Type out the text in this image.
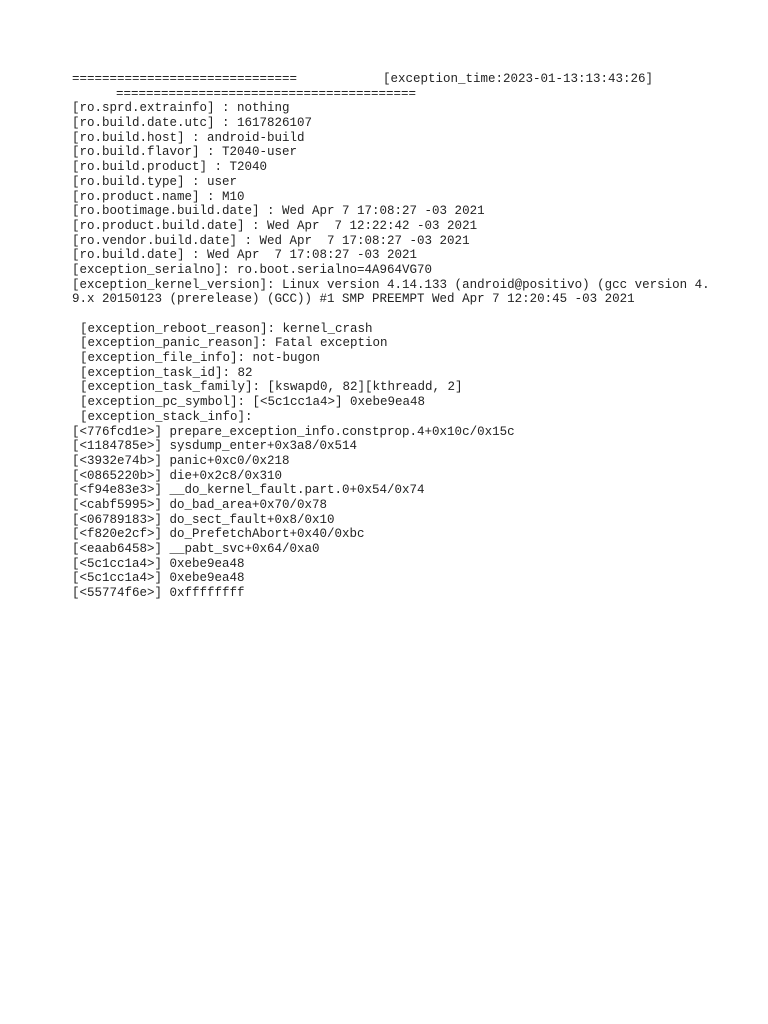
==============================	[exception_time:2023-01-13:13:43:26]
========================================
[ro.sprd.extrainfo] : nothing
[ro.build.date.utc] : 1617826107
[ro.build.host] : android-build
[ro.build.flavor] : T2040-user
[ro.build.product] : T2040
[ro.build.type] : user
[ro.product.name] : M10
[ro.bootimage.build.date] : Wed Apr 7 17:08:27 -03 2021
[ro.product.build.date] : Wed Apr  7 12:22:42 -03 2021
[ro.vendor.build.date] : Wed Apr  7 17:08:27 -03 2021
[ro.build.date] : Wed Apr  7 17:08:27 -03 2021
[exception_serialno]: ro.boot.serialno=4A964VG70
[exception_kernel_version]: Linux version 4.14.133 (android@positivo) (gcc version 4.9.x 20150123 (prerelease) (GCC)) #1 SMP PREEMPT Wed Apr 7 12:20:45 -03 2021
[exception_reboot_reason]: kernel_crash
[exception_panic_reason]: Fatal exception
[exception_file_info]: not-bugon
[exception_task_id]: 82
[exception_task_family]: [kswapd0, 82][kthreadd, 2]
[exception_pc_symbol]: [<5c1cc1a4>] 0xebe9ea48
[exception_stack_info]:
[<776fcd1e>] prepare_exception_info.constprop.4+0x10c/0x15c
[<1184785e>] sysdump_enter+0x3a8/0x514
[<3932e74b>] panic+0xc0/0x218
[<0865220b>] die+0x2c8/0x310
[<f94e83e3>] __do_kernel_fault.part.0+0x54/0x74
[<cabf5995>] do_bad_area+0x70/0x78
[<06789183>] do_sect_fault+0x8/0x10
[<f820e2cf>] do_PrefetchAbort+0x40/0xbc
[<eaab6458>] __pabt_svc+0x64/0xa0
[<5c1cc1a4>] 0xebe9ea48
[<5c1cc1a4>] 0xebe9ea48
[<55774f6e>] 0xffffffff
